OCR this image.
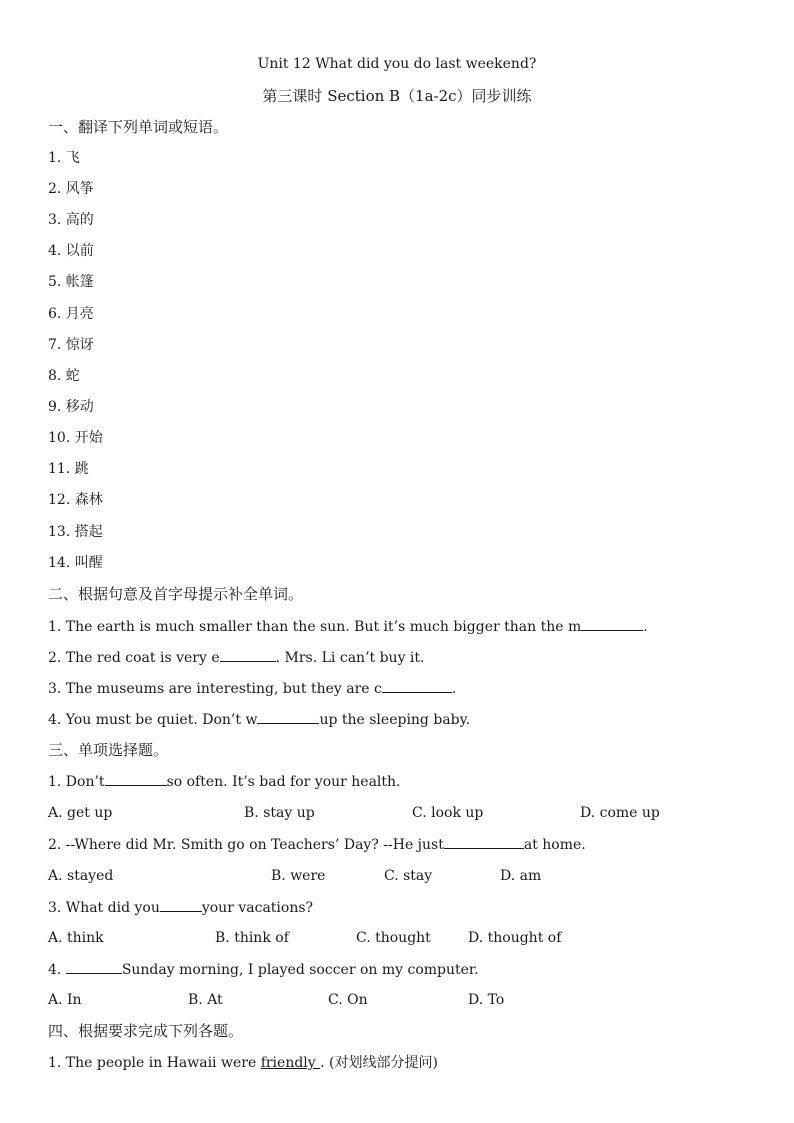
Unit 12 What did you do last weekend?
第三课时 Section B（1a-2c）同步训练
一、翻译下列单词或短语。
1. 飞
2. 风筝
3. 高的
4. 以前
5. 帐篷
6. 月亮
7. 惊讶
8. 蛇
9. 移动
10. 开始
11. 跳
12. 森林
13. 搭起
14. 叫醒
二、根据句意及首字母提示补全单词。
1. The earth is much smaller than the sun. But it’s much bigger than the m	.
2. The red coat is very e	. Mrs. Li can’t buy it.
3. The museums are interesting, but they are c	.
4. You must be quiet. Don’t w	up the sleeping baby.
三、单项选择题。
1. Don’t	so often. It’s bad for your health.
A. get up	B. stay up	C. look up	D. come up
2. --Where did Mr. Smith go on Teachers’ Day? --He just	at home.
A. stayed	B. were	C. stay	D. am
3. What did you	your vacations?
A. think	B. think of	C. thought	D. thought of
4.	Sunday morning, I played soccer on my computer.
A. In	B. At	C. On	D. To
四、根据要求完成下列各题。
1. The people in Hawaii were friendly . (对划线部分提问)
